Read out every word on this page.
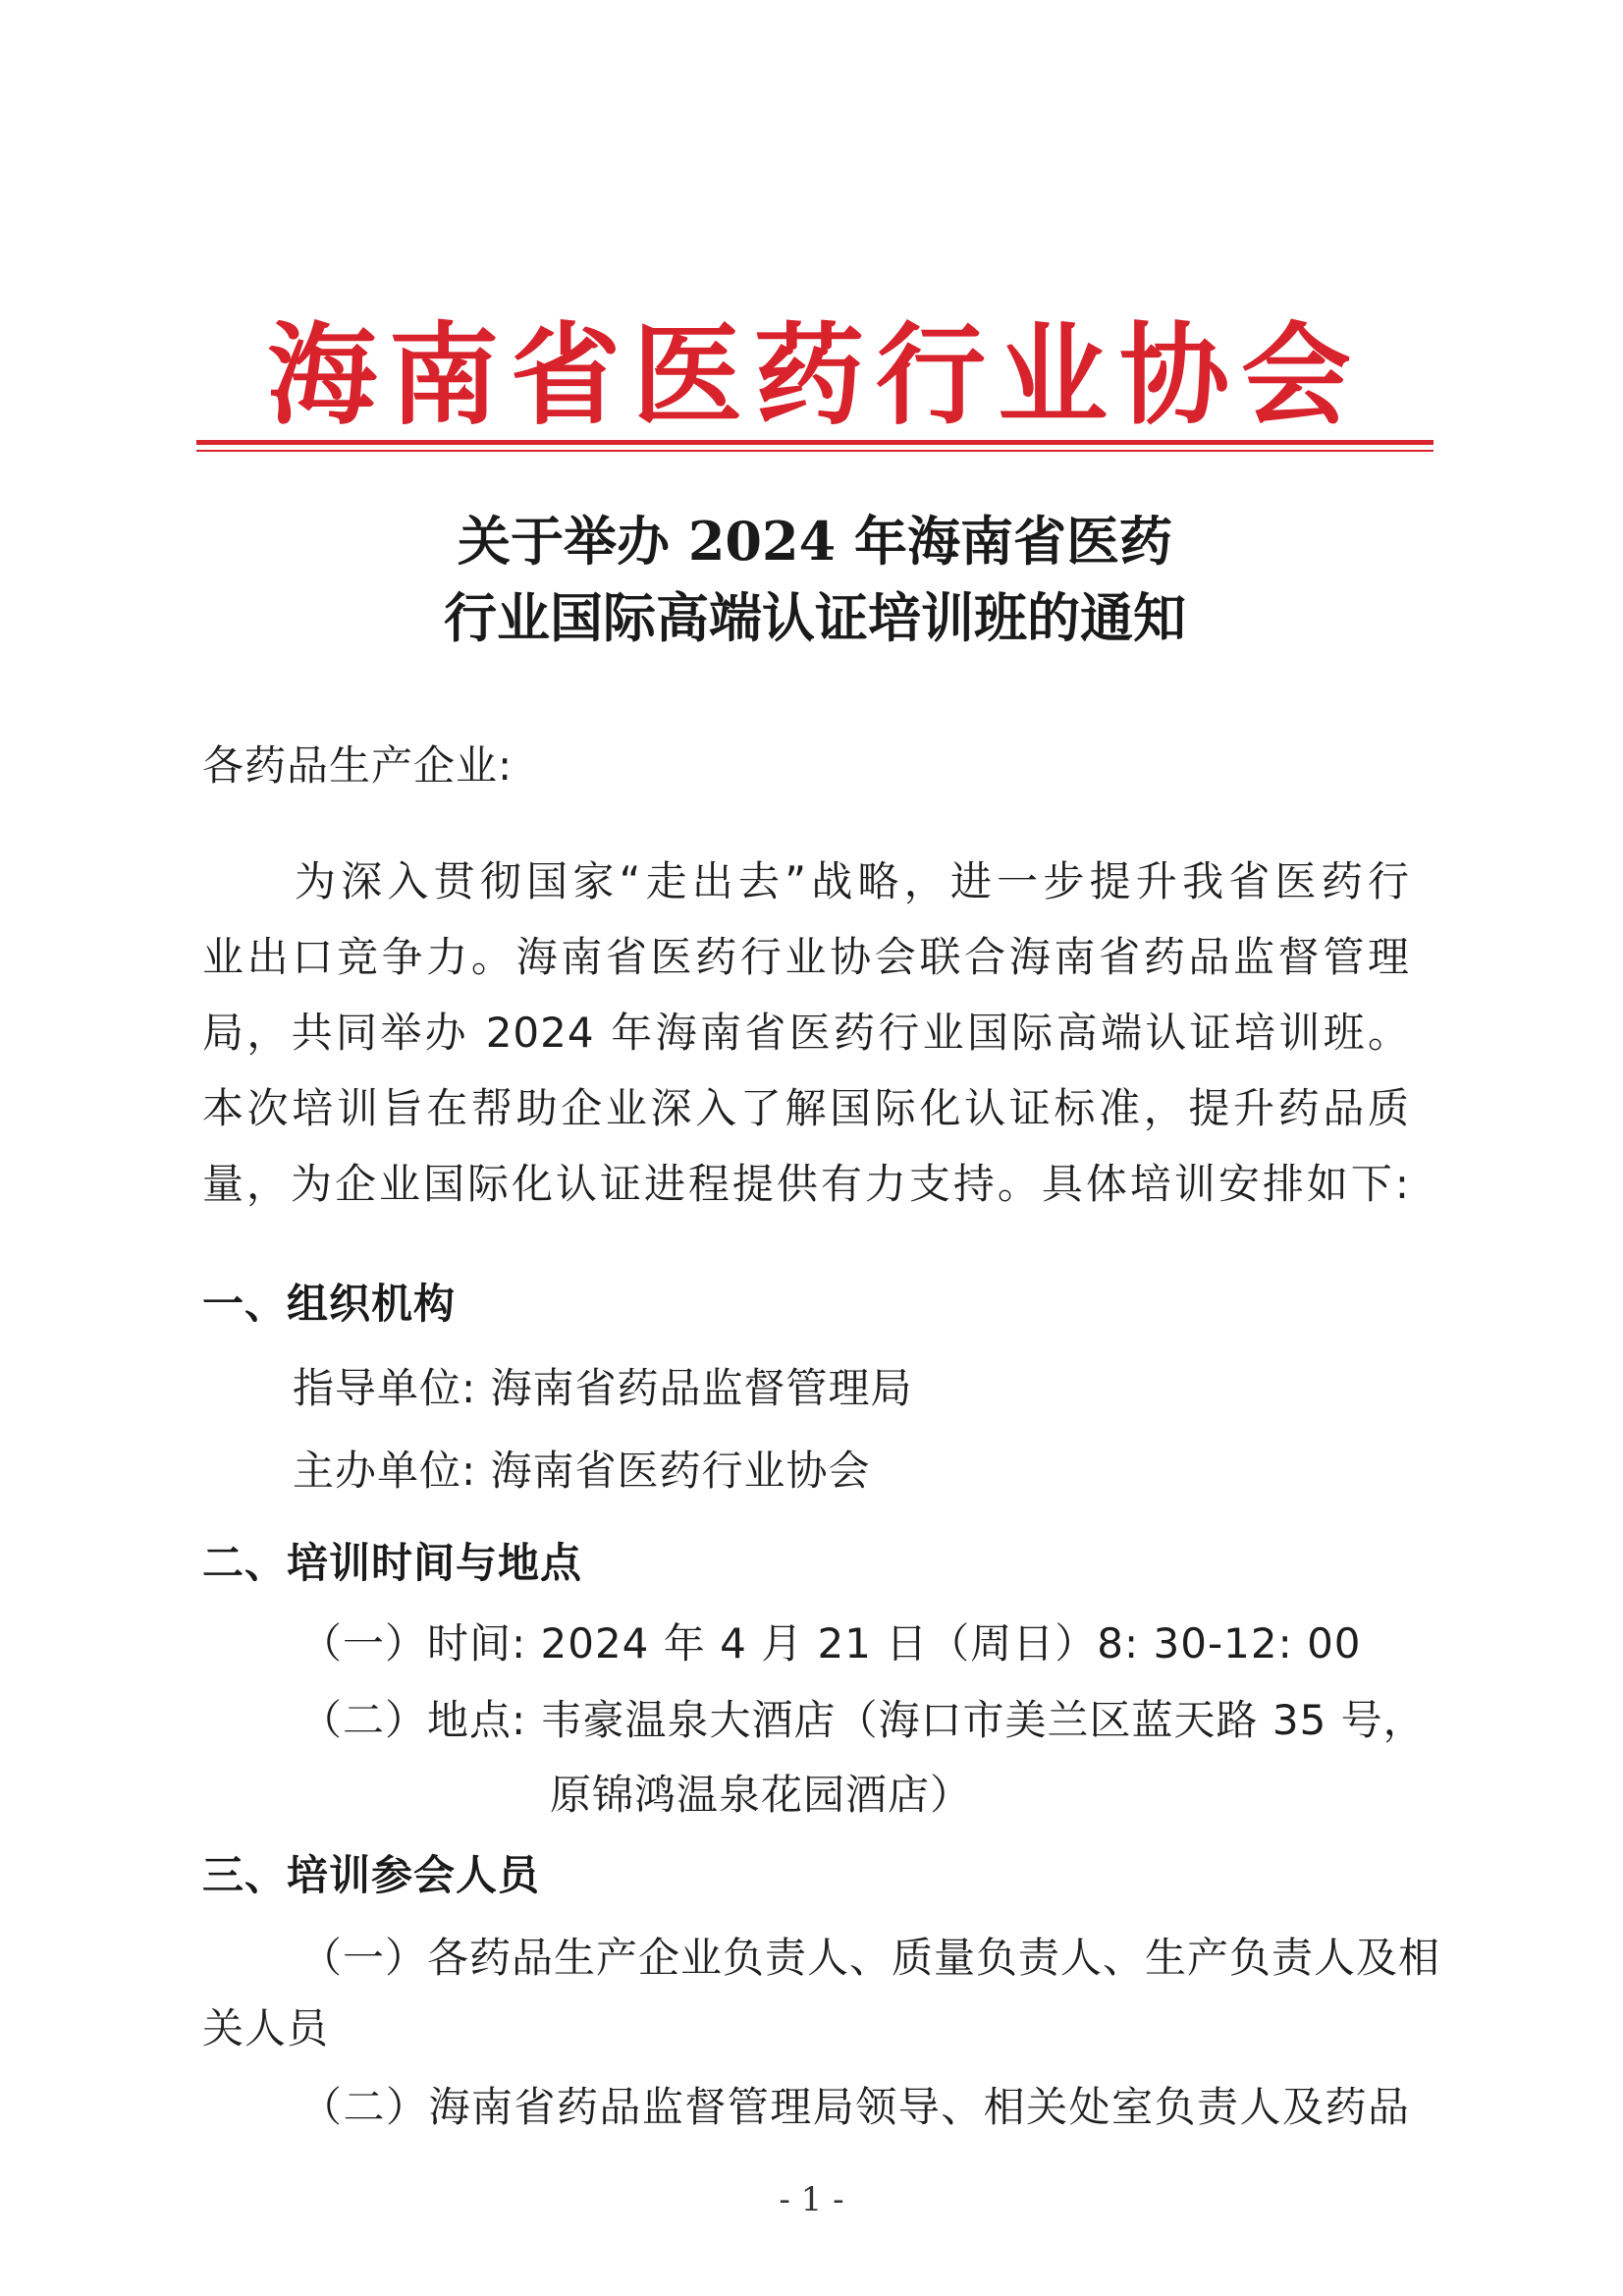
海南省医药行业协会
关于举办 2024 年海南省医药
行业国际高端认证培训班的通知
各药品生产企业:
为深入贯彻国家“走出去”战略，进一步提升我省医药行
业出口竞争力。海南省医药行业协会联合海南省药品监督管理
局，共同举办 2024 年海南省医药行业国际高端认证培训班。
本次培训旨在帮助企业深入了解国际化认证标准，提升药品质
量，为企业国际化认证进程提供有力支持。具体培训安排如下:
一、组织机构
指导单位: 海南省药品监督管理局
主办单位: 海南省医药行业协会
二、培训时间与地点
（一）时间: 2024 年 4 月 21 日（周日）8: 30-12: 00
（二）地点: 韦豪温泉大酒店（海口市美兰区蓝天路 35 号，
原锦鸿温泉花园酒店）
三、培训参会人员
（一）各药品生产企业负责人、质量负责人、生产负责人及相
关人员
（二）海南省药品监督管理局领导、相关处室负责人及药品
- 1 -
